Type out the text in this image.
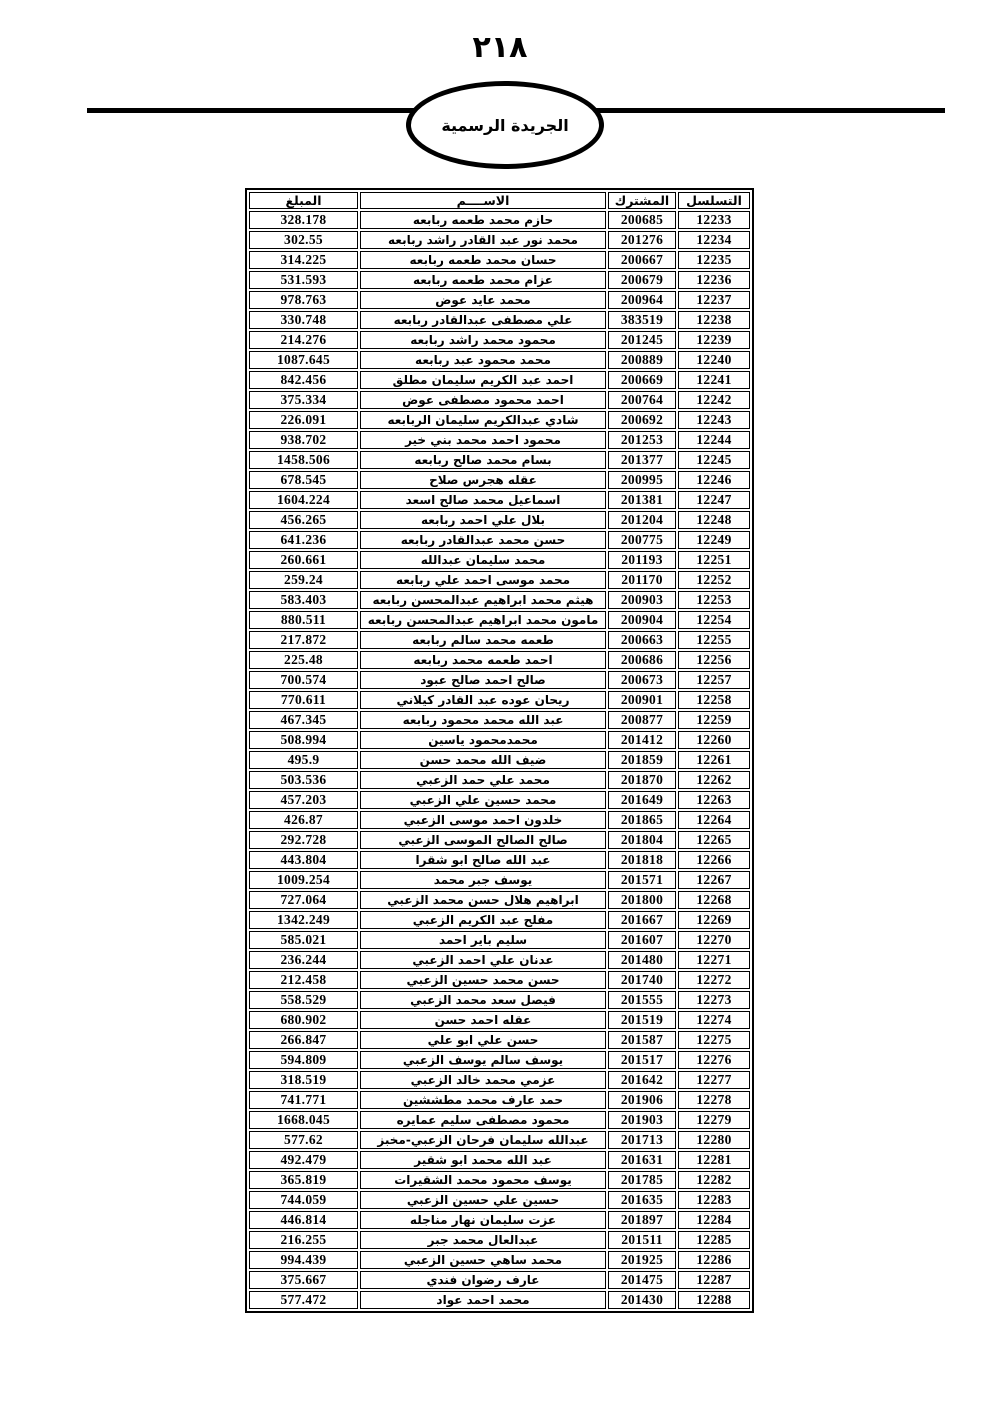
٢١٨
الجريدة الرسمية
التسلسل	المشترك	الاســــم	المبلغ
12233	200685	حازم محمد طعمه ربابعه	328.178
12234	201276	محمد نور عبد القادر راشد ربابعه	302.55
12235	200667	حسان محمد طعمه ربابعه	314.225
12236	200679	عزام محمد طعمه ربابعه	531.593
12237	200964	محمد عايد عوض	978.763
12238	383519	علي مصطفى عبدالقادر ربابعه	330.748
12239	201245	محمود محمد راشد ربابعه	214.276
12240	200889	محمد محمود عبد ربابعه	1087.645
12241	200669	احمد عبد الكريم سليمان مطلق	842.456
12242	200764	احمد محمود مصطفى عوض	375.334
12243	200692	شادي عبدالكريم سليمان الربابعه	226.091
12244	201253	محمود احمد محمد بني خير	938.702
12245	201377	بسام محمد صالح ربابعه	1458.506
12246	200995	عقله هجرس صلاح	678.545
12247	201381	اسماعيل محمد صالح اسعد	1604.224
12248	201204	بلال علي احمد ربابعه	456.265
12249	200775	حسن محمد عبدالقادر ربابعه	641.236
12251	201193	محمد سليمان عبدالله	260.661
12252	201170	محمد موسى احمد علي ربابعه	259.24
12253	200903	هيثم محمد ابراهيم عبدالمحسن ربابعه	583.403
12254	200904	مامون محمد ابراهيم عبدالمحسن ربابعه	880.511
12255	200663	طعمه محمد سالم ربابعه	217.872
12256	200686	احمد طعمه محمد ربابعه	225.48
12257	200673	صالح احمد صالح عبود	700.574
12258	200901	ريحان عوده عبد القادر كيلاني	770.611
12259	200877	عبد الله محمد محمود ربابعه	467.345
12260	201412	محمدمحمود ياسين	508.994
12261	201859	ضيف الله محمد حسن	495.9
12262	201870	محمد علي حمد الزعبي	503.536
12263	201649	محمد حسين علي الزعبي	457.203
12264	201865	خلدون احمد موسى الزعبي	426.87
12265	201804	صالح الصالح الموسى الزعبي	292.728
12266	201818	عبد الله صالح ابو شقرا	443.804
12267	201571	يوسف جبر محمد	1009.254
12268	201800	ابراهيم هلال حسن محمد الزعبي	727.064
12269	201667	مفلح عبد الكريم الزعبي	1342.249
12270	201607	سليم باير احمد	585.021
12271	201480	عدنان علي احمد الزعبي	236.244
12272	201740	حسن محمد حسين الزعبي	212.458
12273	201555	فيصل سعد محمد الزعبي	558.529
12274	201519	عقله احمد حسن	680.902
12275	201587	حسن علي ابو علي	266.847
12276	201517	يوسف سالم يوسف الزعبي	594.809
12277	201642	عزمي محمد خالد الزعبي	318.519
12278	201906	حمد عارف محمد مطششين	741.771
12279	201903	محمود مصطفى سليم عمايره	1668.045
12280	201713	عبدالله سليمان فرحان الزعبي-مخبز	577.62
12281	201631	عبد الله محمد ابو شقير	492.479
12282	201785	يوسف محمود محمد الشقيرات	365.819
12283	201635	حسين علي حسين الزعبي	744.059
12284	201897	عزت سليمان نهار مناجله	446.814
12285	201511	عبدالعال محمد جبر	216.255
12286	201925	محمد ساهي حسين الزعبي	994.439
12287	201475	عارف رضوان فندي	375.667
12288	201430	محمد احمد عواد	577.472
